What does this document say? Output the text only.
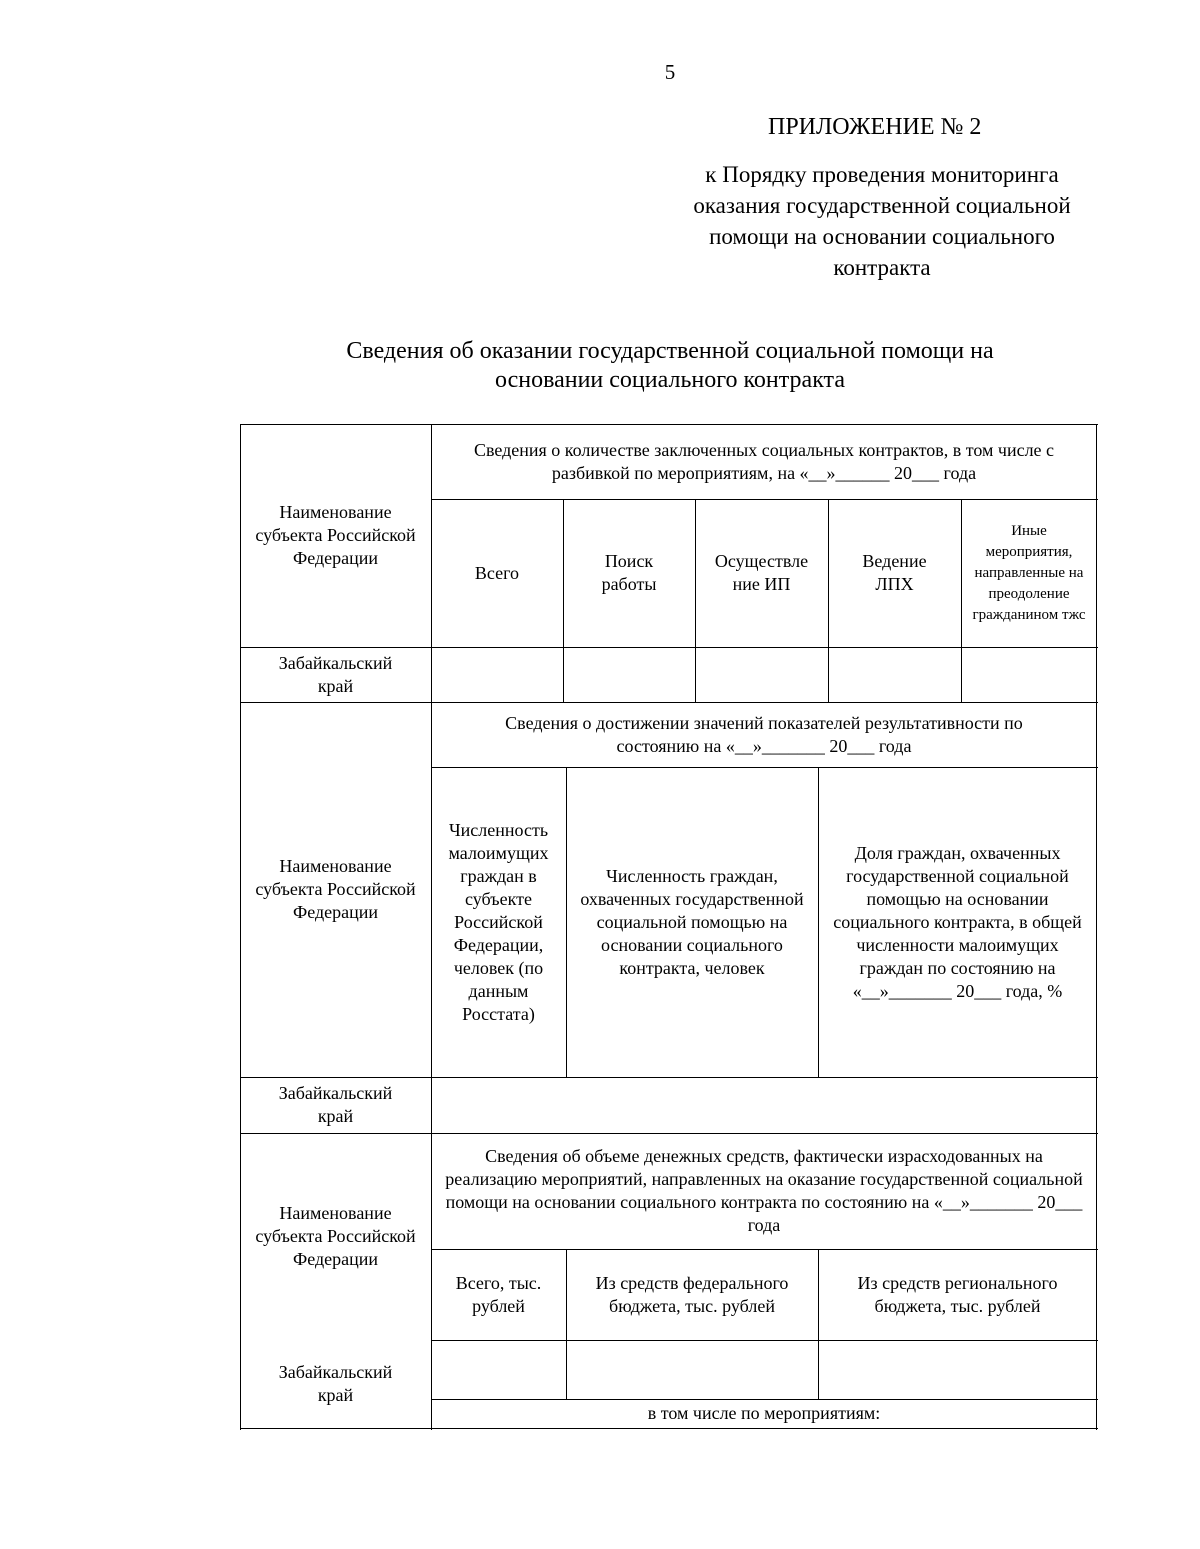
5
ПРИЛОЖЕНИЕ № 2
к Порядку проведения мониторинга оказания государственной социальной помощи на основании социального контракта
Сведения об оказании государственной социальной помощи на основании социального контракта
Наименование субъекта Российской Федерации
Сведения о количестве заключенных социальных контрактов, в том числе с разбивкой по мероприятиям, на «__»______ 20___ года
Всего
Поиск работы
Осуществле ние ИП
Ведение ЛПХ
Иные мероприятия, направленные на преодоление гражданином тжс
Забайкальский край
Наименование субъекта Российской Федерации
Сведения о достижении значений показателей результативности по состоянию на «__»_______ 20___ года
Численность малоимущих граждан в субъекте Российской Федерации, человек (по данным Росстата)
Численность граждан, охваченных государственной социальной помощью на основании социального контракта, человек
Доля граждан, охваченных государственной социальной помощью на основании социального контракта, в общей численности малоимущих граждан по состоянию на «__»_______ 20___ года, %
Забайкальский край
Наименование субъекта Российской Федерации
Сведения об объеме денежных средств, фактически израсходованных на реализацию мероприятий, направленных на оказание государственной социальной помощи на основании социального контракта по состоянию на «__»_______ 20___ года
Всего, тыс. рублей
Из средств федерального бюджета, тыс. рублей
Из средств регионального бюджета, тыс. рублей
Забайкальский край
в том числе по мероприятиям:
